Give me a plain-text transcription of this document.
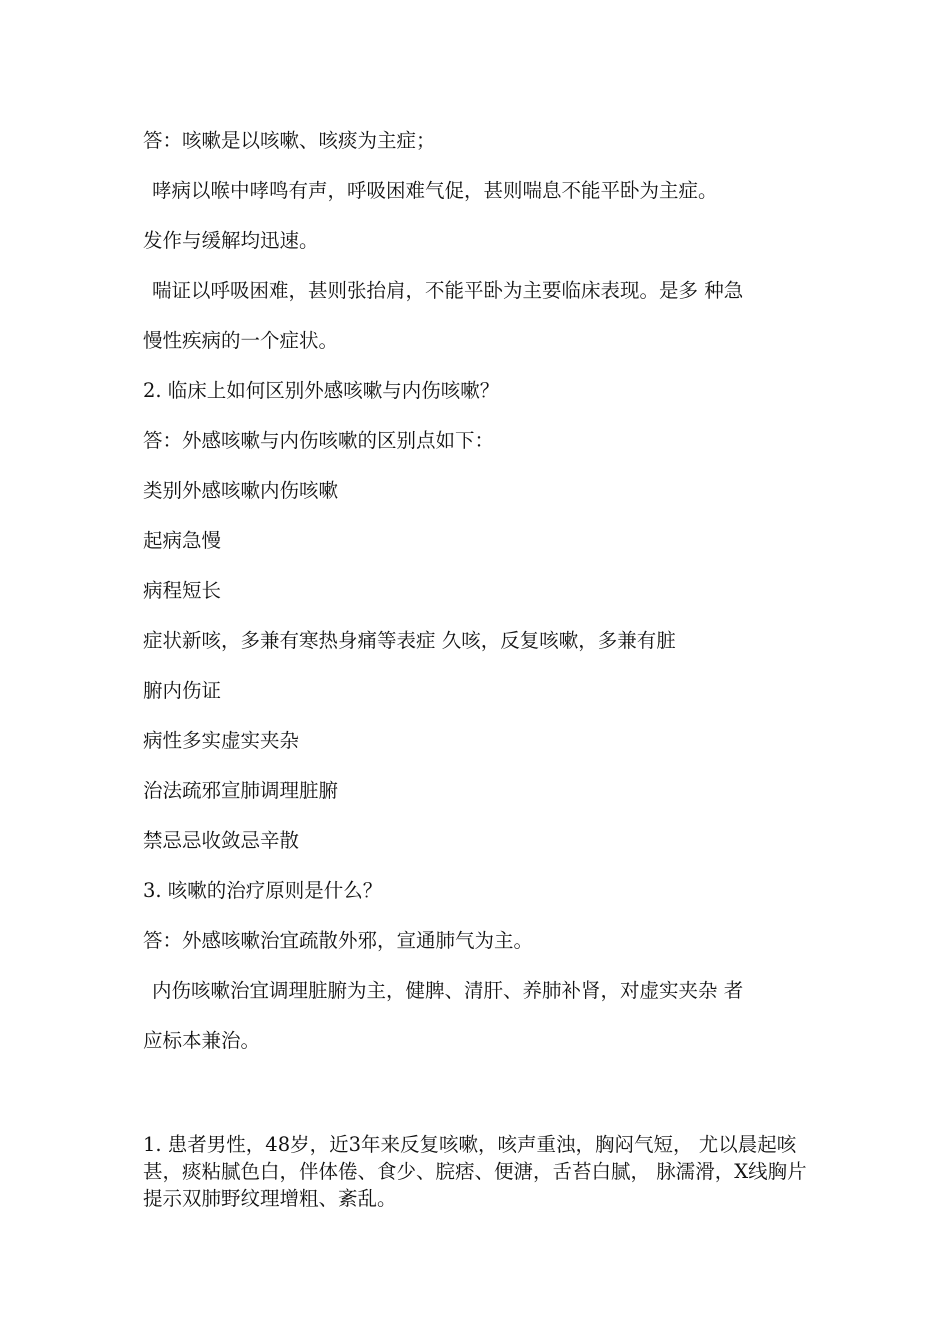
答：咳嗽是以咳嗽、咳痰为主症；
哮病以喉中哮鸣有声，呼吸困难气促，甚则喘息不能平卧为主症。
发作与缓解均迅速。
喘证以呼吸困难，甚则张抬肩，不能平卧为主要临床表现。是多 种急
慢性疾病的一个症状。
2. 临床上如何区别外感咳嗽与内伤咳嗽？
答：外感咳嗽与内伤咳嗽的区别点如下：
类别外感咳嗽内伤咳嗽
起病急慢
病程短长
症状新咳，多兼有寒热身痛等表症 久咳，反复咳嗽，多兼有脏
腑内伤证
病性多实虚实夹杂
治法疏邪宣肺调理脏腑
禁忌忌收敛忌辛散
3. 咳嗽的治疗原则是什么？
答：外感咳嗽治宜疏散外邪，宣通肺气为主。
内伤咳嗽治宜调理脏腑为主，健脾、清肝、养肺补肾，对虚实夹杂 者
应标本兼治。
1. 患者男性，48岁，近3年来反复咳嗽，咳声重浊，胸闷气短， 尤以晨起咳甚，痰粘腻色白，伴体倦、食少、脘痞、便溏，舌苔白腻， 脉濡滑，X线胸片提示双肺野纹理增粗、紊乱。
